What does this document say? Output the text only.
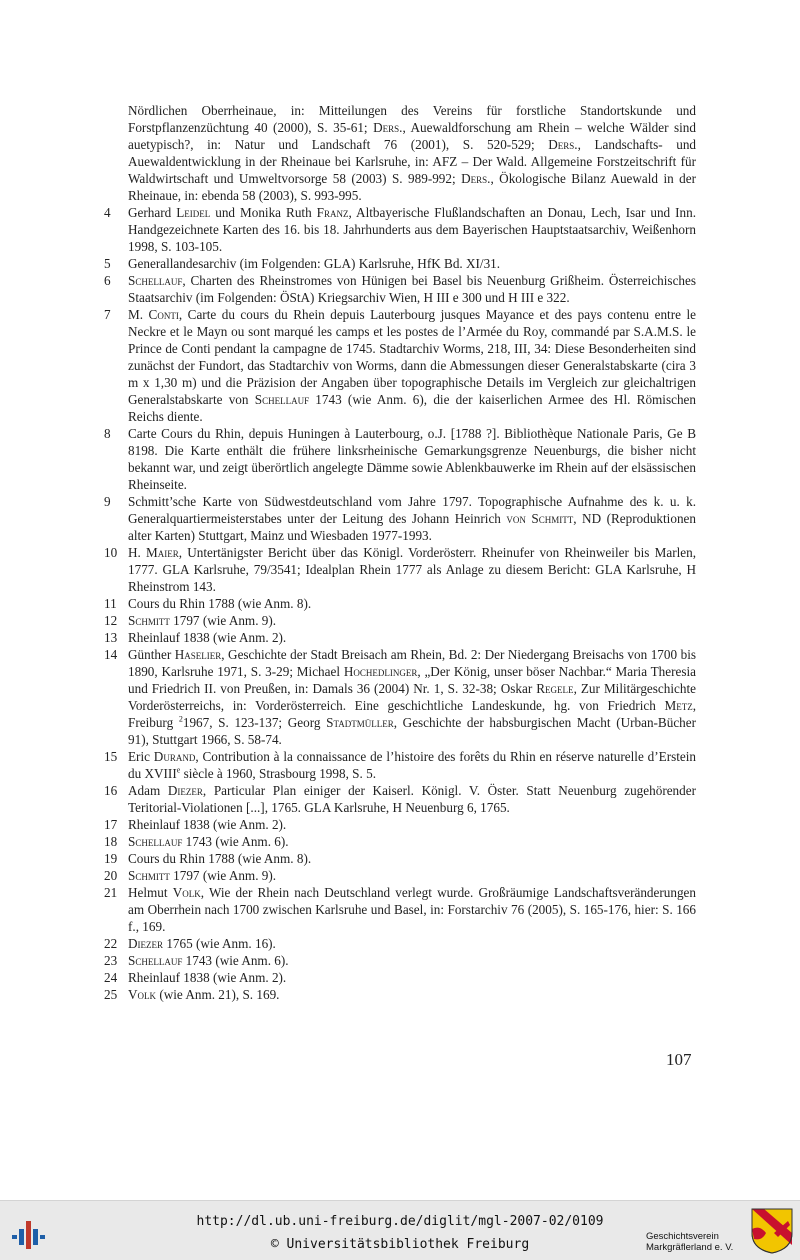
Nördlichen Oberrheinaue, in: Mitteilungen des Vereins für forstliche Standortskunde und Forstpflanzenzüchtung 40 (2000), S. 35-61; Ders., Auewaldforschung am Rhein – welche Wälder sind auetypisch?, in: Natur und Landschaft 76 (2001), S. 520-529; Ders., Landschafts- und Auewaldentwicklung in der Rheinaue bei Karlsruhe, in: AFZ – Der Wald. Allgemeine Forstzeitschrift für Waldwirtschaft und Umweltvorsorge 58 (2003) S. 989-992; Ders., Ökologische Bilanz Auewald in der Rheinaue, in: ebenda 58 (2003), S. 993-995.
4 Gerhard Leidel und Monika Ruth Franz, Altbayerische Flußlandschaften an Donau, Lech, Isar und Inn. Handgezeichnete Karten des 16. bis 18. Jahrhunderts aus dem Bayerischen Hauptstaatsarchiv, Weißenhorn 1998, S. 103-105.
5 Generallandesarchiv (im Folgenden: GLA) Karlsruhe, HfK Bd. XI/31.
6 Schellauf, Charten des Rheinstromes von Hünigen bei Basel bis Neuenburg Grißheim. Österreichisches Staatsarchiv (im Folgenden: ÖStA) Kriegsarchiv Wien, H III e 300 und H III e 322.
7 M. Conti, Carte du cours du Rhein depuis Lauterbourg jusques Mayance et des pays contenu entre le Neckre et le Mayn ou sont marqué les camps et les postes de l’Armée du Roy, commandé par S.A.M.S. le Prince de Conti pendant la campagne de 1745. Stadtarchiv Worms, 218, III, 34: Diese Besonderheiten sind zunächst der Fundort, das Stadtarchiv von Worms, dann die Abmessungen dieser Generalstabskarte (cira 3 m x 1,30 m) und die Präzision der Angaben über topographische Details im Vergleich zur gleichaltrigen Generalstabskarte von Schellauf 1743 (wie Anm. 6), die der kaiserlichen Armee des Hl. Römischen Reichs diente.
8 Carte Cours du Rhin, depuis Huningen à Lauterbourg, o.J. [1788 ?]. Bibliothèque Nationale Paris, Ge B 8198. Die Karte enthält die frühere linksrheinische Gemarkungsgrenze Neuenburgs, die bisher nicht bekannt war, und zeigt überörtlich angelegte Dämme sowie Ablenkbauwerke im Rhein auf der elsässischen Rheinseite.
9 Schmitt’sche Karte von Südwestdeutschland vom Jahre 1797. Topographische Aufnahme des k. u. k. Generalquartiermeisterstabes unter der Leitung des Johann Heinrich von Schmitt, ND (Reproduktionen alter Karten) Stuttgart, Mainz und Wiesbaden 1977-1993.
10 H. Maier, Untertänigster Bericht über das Königl. Vorderösterr. Rheinufer von Rheinweiler bis Marlen, 1777. GLA Karlsruhe, 79/3541; Idealplan Rhein 1777 als Anlage zu diesem Bericht: GLA Karlsruhe, H Rheinstrom 143.
11 Cours du Rhin 1788 (wie Anm. 8).
12 Schmitt 1797 (wie Anm. 9).
13 Rheinlauf 1838 (wie Anm. 2).
14 Günther Haselier, Geschichte der Stadt Breisach am Rhein, Bd. 2: Der Niedergang Breisachs von 1700 bis 1890, Karlsruhe 1971, S. 3-29; Michael Hochedlinger, „Der König, unser böser Nachbar.“ Maria Theresia und Friedrich II. von Preußen, in: Damals 36 (2004) Nr. 1, S. 32-38; Oskar Regele, Zur Militärgeschichte Vorderösterreichs, in: Vorderösterreich. Eine geschichtliche Landeskunde, hg. von Friedrich Metz, Freiburg $^2$1967, S. 123-137; Georg Stadtmüller, Geschichte der habsburgischen Macht (Urban-Bücher 91), Stuttgart 1966, S. 58-74.
15 Eric Durand, Contribution à la connaissance de l’histoire des forêts du Rhin en réserve naturelle d’Erstein du XVIIIe siècle à 1960, Strasbourg 1998, S. 5.
16 Adam Diezer, Particular Plan einiger der Kaiserl. Königl. V. Öster. Statt Neuenburg zugehörender Teritorial-Violationen [...], 1765. GLA Karlsruhe, H Neuenburg 6, 1765.
17 Rheinlauf 1838 (wie Anm. 2).
18 Schellauf 1743 (wie Anm. 6).
19 Cours du Rhin 1788 (wie Anm. 8).
20 Schmitt 1797 (wie Anm. 9).
21 Helmut Volk, Wie der Rhein nach Deutschland verlegt wurde. Großräumige Landschaftsveränderungen am Oberrhein nach 1700 zwischen Karlsruhe und Basel, in: Forstarchiv 76 (2005), S. 165-176, hier: S. 166 f., 169.
22 Diezer 1765 (wie Anm. 16).
23 Schellauf 1743 (wie Anm. 6).
24 Rheinlauf 1838 (wie Anm. 2).
25 Volk (wie Anm. 21), S. 169.
107
http://dl.ub.uni-freiburg.de/diglit/mgl-2007-02/0109
© Universitätsbibliothek Freiburg
Geschichtsverein
Markgräflerland e. V.
